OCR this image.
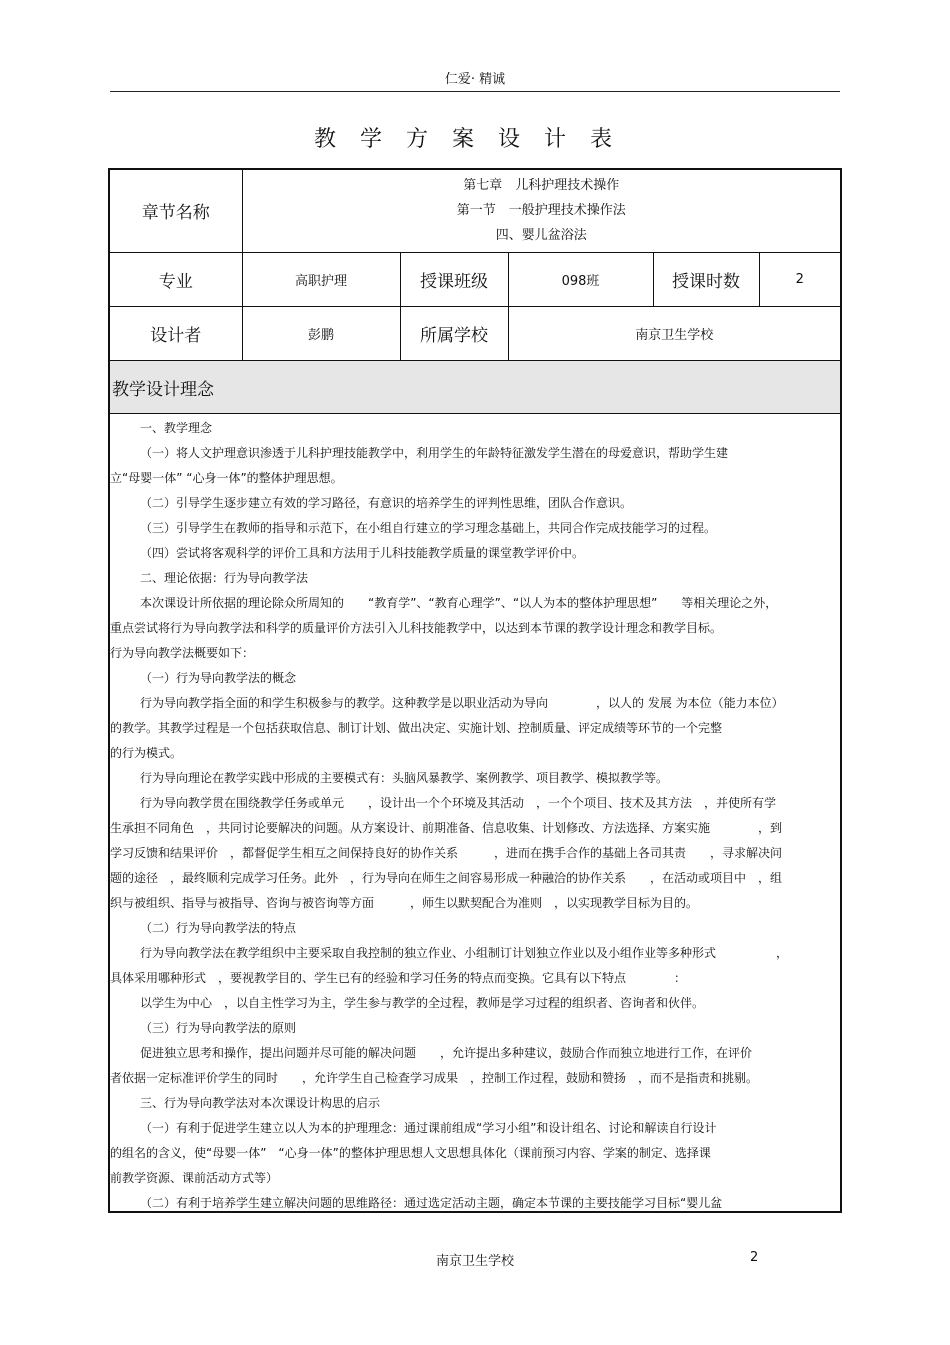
仁爱· 精诚
教学方案设计表
章节名称	第七章　儿科护理技术操作
第一节　一般护理技术操作法
四、婴儿盆浴法				

专业	高职护理	授课班级	098班	授课时数	2
设计者	彭鹏	所属学校	南京卫生学校		
教学设计理念

一、教学理念

（一）将人文护理意识渗透于儿科护理技能教学中，利用学生的年龄特征激发学生潜在的母爱意识，帮助学生建

立“母婴一体” “心身一体”的整体护理思想。

（二）引导学生逐步建立有效的学习路径，有意识的培养学生的评判性思维，团队合作意识。

（三）引导学生在教师的指导和示范下，在小组自行建立的学习理念基础上，共同合作完成技能学习的过程。

（四）尝试将客观科学的评价工具和方法用于儿科技能教学质量的课堂教学评价中。

二、理论依据：行为导向教学法

本次课设计所依据的理论除众所周知的　　“教育学”、“教育心理学”、“以人为本的整体护理思想”　　等相关理论之外，

重点尝试将行为导向教学法和科学的质量评价方法引入儿科技能教学中，以达到本节课的教学设计理念和教学目标。

行为导向教学法概要如下：

（一）行为导向教学法的概念

行为导向教学指全面的和学生积极参与的教学。这种教学是以职业活动为导向　　　　，以人的 发展 为本位（能力本位）

的教学。其教学过程是一个包括获取信息、制订计划、做出决定、实施计划、控制质量、评定成绩等环节的一个完整

的行为模式。

行为导向理论在教学实践中形成的主要模式有：头脑风暴教学、案例教学、项目教学、模拟教学等。

行为导向教学贯在围绕教学任务或单元　　，设计出一个个环境及其活动　，一个个项目、技术及其方法　，并使所有学

生承担不同角色　，共同讨论要解决的问题。从方案设计、前期准备、信息收集、计划修改、方法选择、方案实施　　　　，到

学习反馈和结果评价　，都督促学生相互之间保持良好的协作关系　　　，进而在携手合作的基础上各司其责　　，寻求解决问

题的途径　，最终顺利完成学习任务。此外　，行为导向在师生之间容易形成一种融洽的协作关系　　，在活动或项目中　，组

织与被组织、指导与被指导、咨询与被咨询等方面　　　，师生以默契配合为准则　，以实现教学目标为目的。

（二）行为导向教学法的特点

行为导向教学法在教学组织中主要采取自我控制的独立作业、小组制订计划独立作业以及小组作业等多种形式　　　　　，

具体采用哪种形式　，要视教学目的、学生已有的经验和学习任务的特点而变换。它具有以下特点　　　　：

以学生为中心　，以自主性学习为主，学生参与教学的全过程，教师是学习过程的组织者、咨询者和伙伴。

（三）行为导向教学法的原则

促进独立思考和操作，提出问题并尽可能的解决问题　　，允许提出多种建议，鼓励合作而独立地进行工作，在评价

者依据一定标准评价学生的同时　　，允许学生自己检查学习成果　，控制工作过程，鼓励和赞扬　，而不是指责和挑剔。

三、行为导向教学法对本次课设计构思的启示

（一）有利于促进学生建立以人为本的护理理念：通过课前组成“学习小组”和设计组名、讨论和解读自行设计

的组名的含义，使“母婴一体”　“心身一体”的整体护理思想人文思想具体化（课前预习内容、学案的制定、选择课

前教学资源、课前活动方式等）　

（二）有利于培养学生建立解决问题的思维路径：通过选定活动主题，确定本节课的主要技能学习目标“婴儿盆

南京卫生学校	2
